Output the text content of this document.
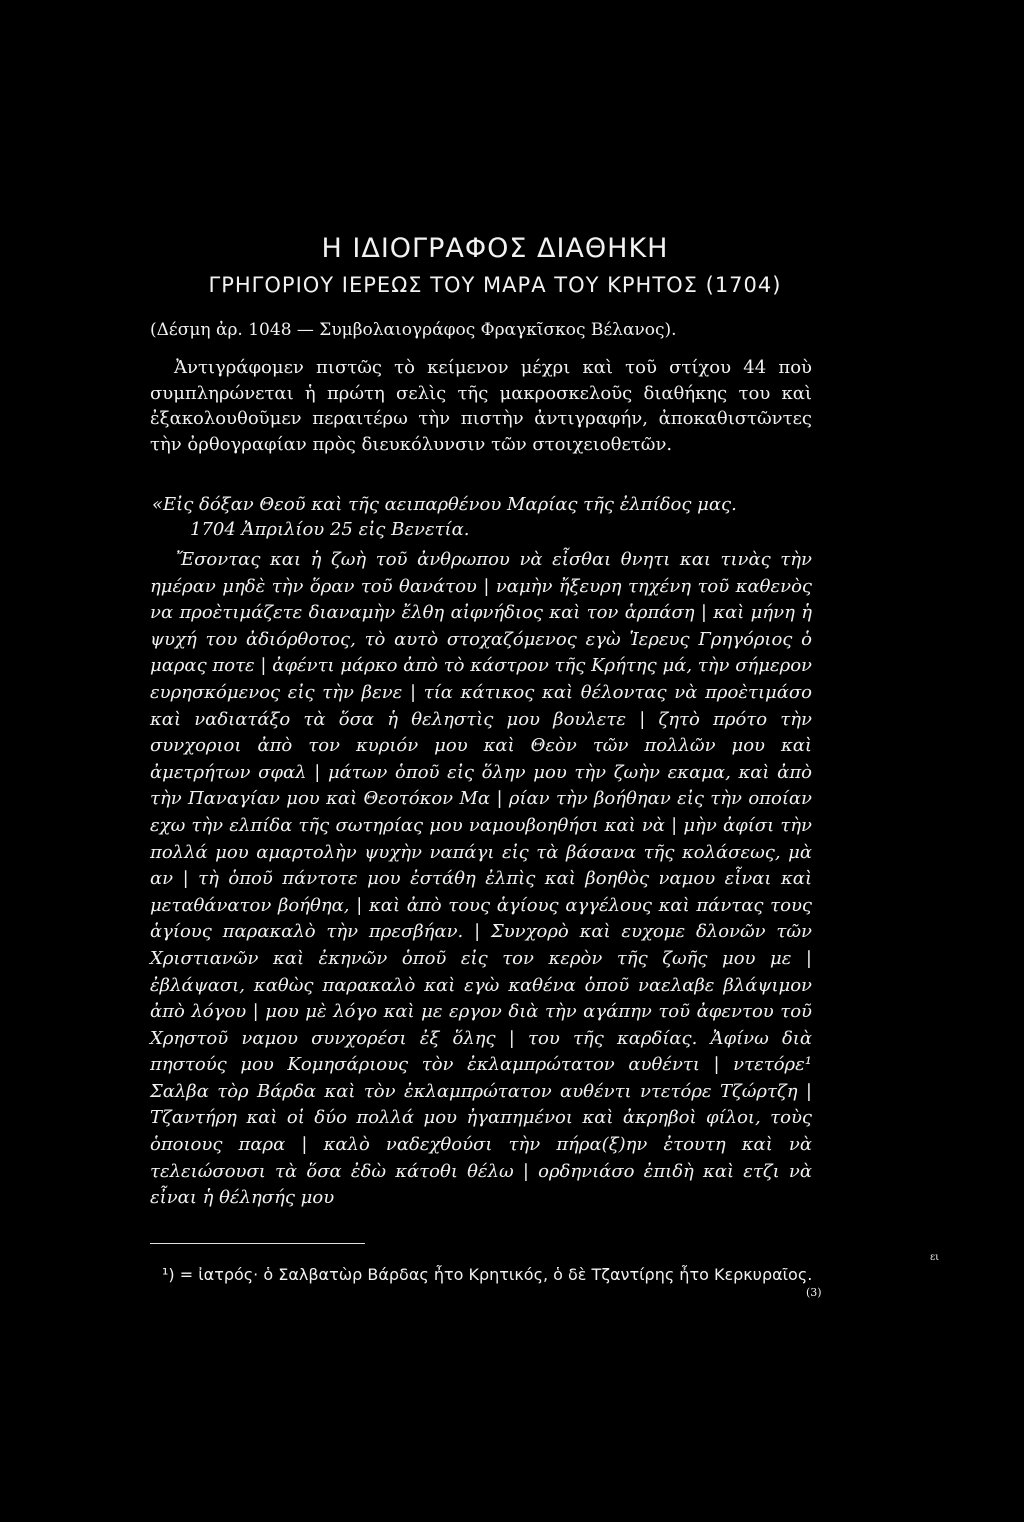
Η ΙΔΙΟΓΡΑΦΟΣ ΔΙΑΘΗΚΗ
ΓΡΗΓΟΡΙΟΥ ΙΕΡΕΩΣ ΤΟΥ ΜΑΡΑ ΤΟΥ ΚΡΗΤΟΣ (1704)
(Δέσμη ἀρ. 1048 — Συμβολαιογράφος Φραγκῖσκος Βέλανος).
Ἀντιγράφομεν πιστῶς τὸ κείμενον μέχρι καὶ τοῦ στίχου 44 ποὺ συμπληρώνεται ἡ πρώτη σελὶς τῆς μακροσκελοῦς διαθήκης του καὶ ἐξακολουθοῦμεν περαιτέρω τὴν πιστὴν ἀντιγραφήν, ἀποκαθιστῶντες τὴν ὀρθογραφίαν πρὸς διευκόλυνσιν τῶν στοιχειοθετῶν.
«Εἰς δόξαν Θεοῦ καὶ τῆς αειπαρθένου Μαρίας τῆς ἐλπίδος μας.
1704 Ἀπριλίου 25 εἰς Βενετία.
Ἔσοντας και ἡ ζωὴ τοῦ ἀνθρωπου νὰ εἶσθαι θνητι και τινὰς τὴν ημέραν μηδὲ τὴν ὅραν τοῦ θανάτου | ναμὴν ἤξευρη τηχένη τοῦ καθενὸς να προὲτιμάζετε διαναμὴν ἔλθη αἰφνήδιος καὶ τον ἁρπάση | καὶ μήνη ἡ ψυχή του ἀδιόρθοτος, τὸ αυτὸ στοχαζόμενος εγὼ Ἱερευς Γρηγόριος ὁ μαρας ποτε | ἀφέντι μάρκο ἀπὸ τὸ κάστρον τῆς Κρήτης μά, τὴν σήμερον ευρησκόμενος εἰς τὴν βενε | τία κάτικος καὶ θέλοντας νὰ προὲτιμάσο καὶ ναδιατάξο τὰ ὅσα ἡ θεληστὶς μου βουλετε | ζητὸ πρότο τὴν συνχοριοι ἀπὸ τον κυριόν μου καὶ Θεὸν τῶν πολλῶν μου καὶ ἀμετρήτων σφαλ | μάτων ὁποῦ εἰς ὅλην μου τὴν ζωὴν εκαμα, καὶ ἀπὸ τὴν Παναγίαν μου καὶ Θεοτόκον Μα | ρίαν τὴν βοήθηαν εἰς τὴν οποίαν εχω τὴν ελπίδα τῆς σωτηρίας μου ναμουβοηθήσι καὶ νὰ | μὴν ἀφίσι τὴν πολλά μου αμαρτολὴν ψυχὴν ναπάγι εἰς τὰ βάσανα τῆς κολάσεως, μὰ αν | τὴ ὁποῦ πάντοτε μου ἐστάθη ἐλπὶς καὶ βοηθὸς ναμου εἶναι καὶ μεταθάνατον βοήθηα, | καὶ ἀπὸ τους ἁγίους αγγέλους καὶ πάντας τους ἁγίους παρακαλὸ τὴν πρεσβήαν. | Συνχορὸ καὶ ευχομε δλονῶν τῶν Χριστιανῶν καὶ ἐκηνῶν ὁποῦ εἰς τον κερὸν τῆς ζωῆς μου με | ἐβλάψασι, καθὼς παρακαλὸ καὶ εγὼ καθένα ὁποῦ ναελαβε βλάψιμον ἀπὸ λόγου | μου μὲ λόγο καὶ με εργον διὰ τὴν αγάπην τοῦ ἀφεντου τοῦ Χρηστοῦ ναμου συνχορέσι ἐξ ὅλης | του τῆς καρδίας. Ἀφίνω διὰ πηστούς μου Κομησάριους τὸν ἐκλαμπρώτατον αυθέντι | ντετόρε¹ Σαλβα τὸρ Βάρδα καὶ τὸν ἐκλαμπρώτατον αυθέντι ντετόρε Τζώρτζη | Τζαντήρη καὶ οἱ δύο πολλά μου ἠγαπημένοι καὶ ἀκρηβοὶ φίλοι, τοὺς ὁποιους παρα | καλὸ ναδεχθούσι τὴν πήρα(ξ)ην ἐτουτη καὶ νὰ τελειώσουσι τὰ ὅσα ἐδὼ κάτοθι θέλω | ορδηνιάσο ἐπιδὴ καὶ ετζι νὰ εἶναι ἡ θέλησής μου
ει
¹) = ἰατρός· ὁ Σαλβατὼρ Βάρδας ἦτο Κρητικός, ὁ δὲ Τζαντίρης ἦτο Κερκυραῖος.
(3)
